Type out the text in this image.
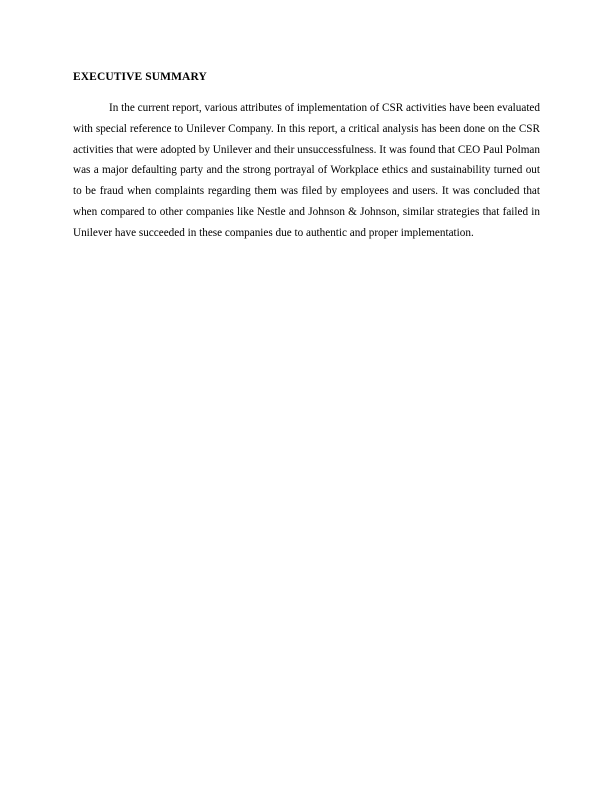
EXECUTIVE SUMMARY

In the current report, various attributes of implementation of CSR activities have been evaluated with special reference to Unilever Company. In this report, a critical analysis has been done on the CSR activities that were adopted by Unilever and their unsuccessfulness. It was found that CEO Paul Polman was a major defaulting party and the strong portrayal of Workplace ethics and sustainability turned out to be fraud when complaints regarding them was filed by employees and users. It was concluded that when compared to other companies like Nestle and Johnson & Johnson, similar strategies that failed in Unilever have succeeded in these companies due to authentic and proper implementation.
